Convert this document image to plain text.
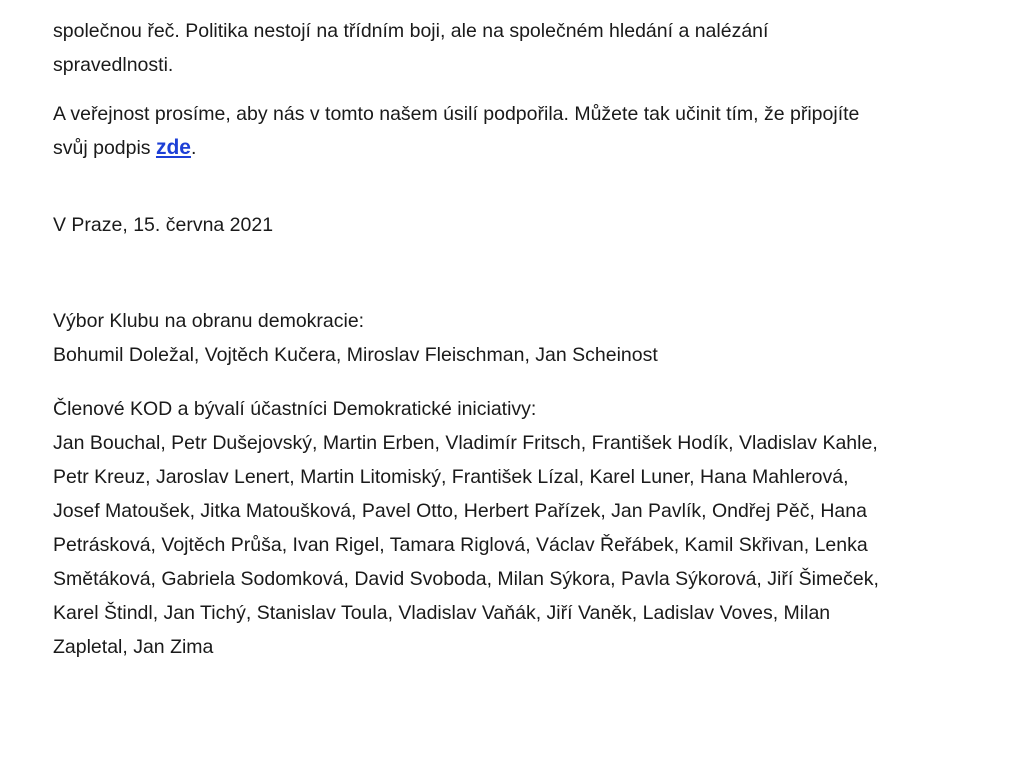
společnou řeč. Politika nestojí na třídním boji, ale na společném hledání a nalézání

spravedlnosti.

A veřejnost prosíme, aby nás v tomto našem úsilí podpořila. Můžete tak učinit tím, že připojíte

svůj podpis zde.

V Praze, 15. června 2021

Výbor Klubu na obranu demokracie:

Bohumil Doležal, Vojtěch Kučera, Miroslav Fleischman, Jan Scheinost

Členové KOD a bývalí účastníci Demokratické iniciativy:

Jan Bouchal, Petr Dušejovský, Martin Erben, Vladimír Fritsch, František Hodík, Vladislav Kahle,

Petr Kreuz, Jaroslav Lenert, Martin Litomiský, František Lízal, Karel Luner, Hana Mahlerová,

Josef Matoušek, Jitka Matoušková, Pavel Otto, Herbert Pařízek, Jan Pavlík, Ondřej Pěč, Hana

Petrásková, Vojtěch Průša, Ivan Rigel, Tamara Riglová, Václav Řeřábek, Kamil Skřivan, Lenka

Smětáková, Gabriela Sodomková, David Svoboda, Milan Sýkora, Pavla Sýkorová, Jiří Šimeček,

Karel Štindl, Jan Tichý, Stanislav Toula, Vladislav Vaňák, Jiří Vaněk, Ladislav Voves, Milan

Zapletal, Jan Zima
